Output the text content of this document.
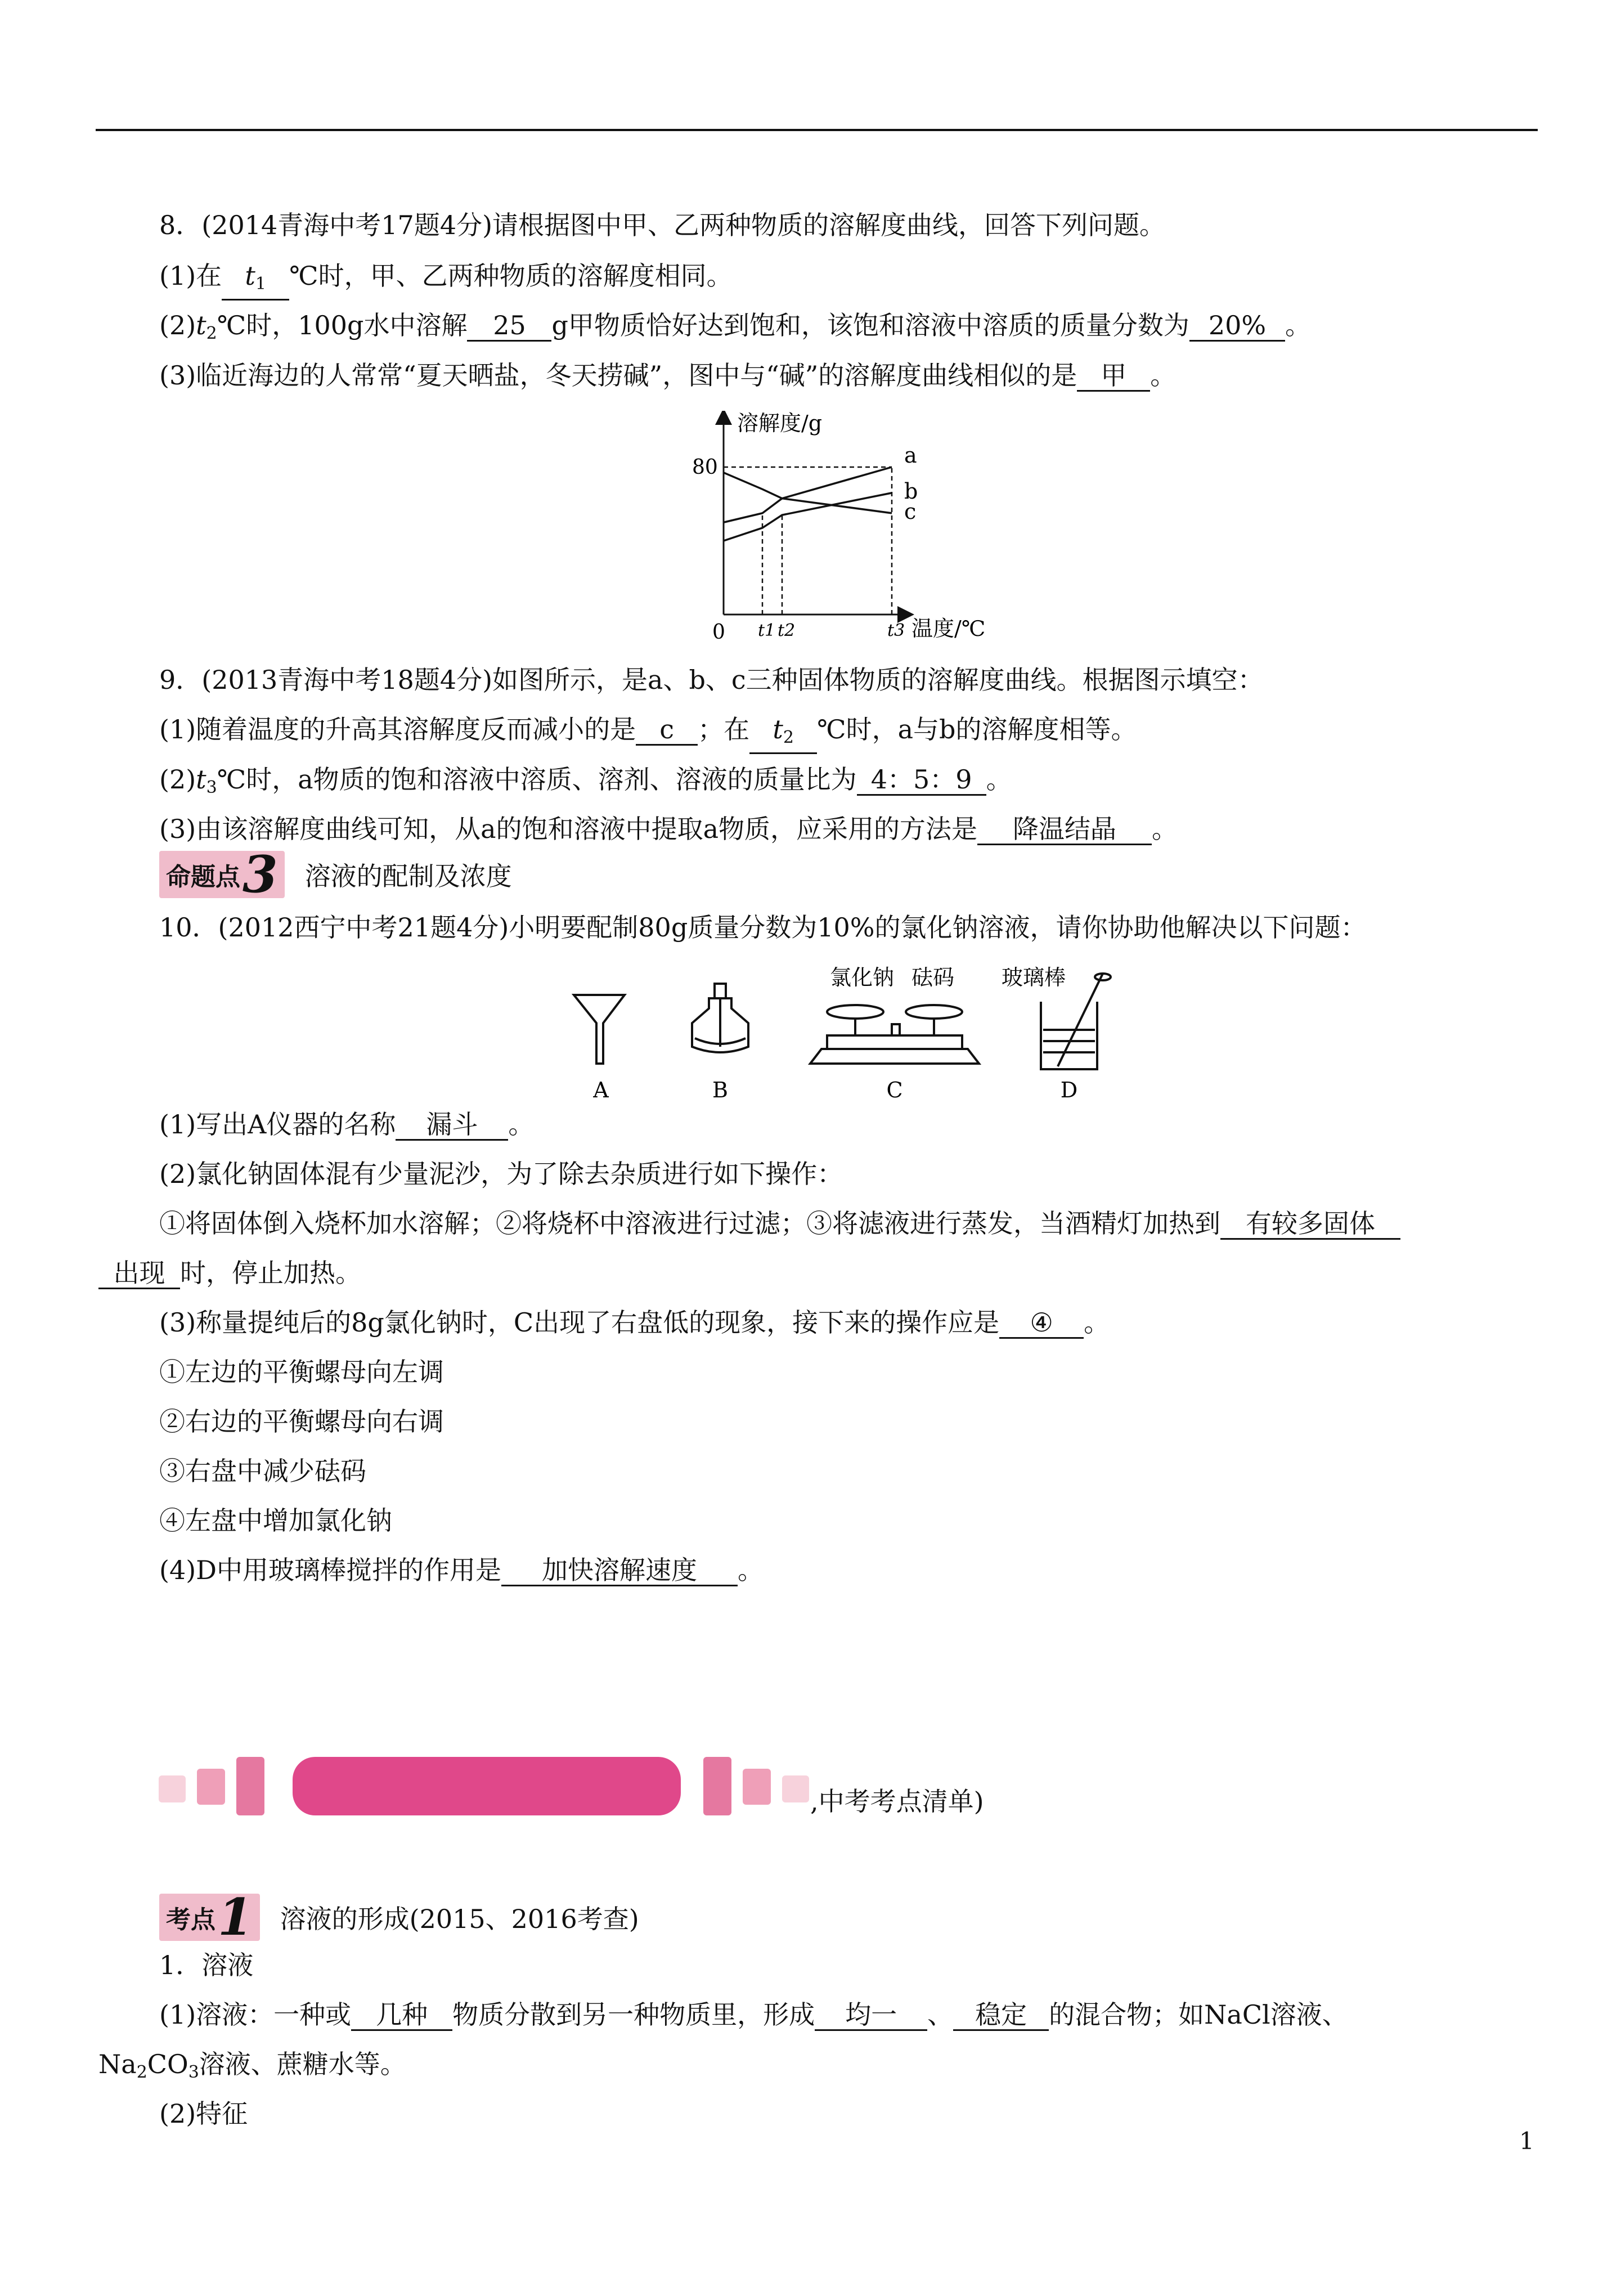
8．(2014青海中考17题4分)请根据图中甲、乙两种物质的溶解度曲线，回答下列问题。
(1)在 $t_1$ ℃时，甲、乙两种物质的溶解度相同。
$(2)t_2℃$时，100g水中溶解 25 g甲物质恰好达到饱和，该饱和溶液中溶质的质量分数为 20% 。
(3)临近海边的人常常“夏天晒盐，冬天捞碱”，图中与“碱”的溶解度曲线相似的是 甲 。
溶解度/g
温度/℃
0
80
t1 t2	t3
a
b
c
9．(2013青海中考18题4分)如图所示，是a、b、c三种固体物质的溶解度曲线。根据图示填空：
(1)随着温度的升高其溶解度反而减小的是 c ；在 $t_2$ ℃时，a与b的溶解度相等。
$(2)t_3℃$时，a物质的饱和溶液中溶质、溶剂、溶液的质量比为 4：5：9 。
(3)由该溶解度曲线可知，从a的饱和溶液中提取a物质，应采用的方法是 降温结晶 。
命题点 3 溶液的配制及浓度
10．(2012西宁中考21题4分)小明要配制80g质量分数为10%的氯化钠溶液，请你协助他解决以下问题：
A	B
氯化钠 砝码
C
玻璃棒
D
(1)写出A仪器的名称 漏斗 。
(2)氯化钠固体混有少量泥沙，为了除去杂质进行如下操作：
①将固体倒入烧杯加水溶解；②将烧杯中溶液进行过滤；③将滤液进行蒸发，当酒精灯加热到 有较多固体
出现 时，停止加热。
(3)称量提纯后的8g氯化钠时，C出现了右盘低的现象，接下来的操作应是 ④ 。
①左边的平衡螺母向左调
②右边的平衡螺母向右调
③右盘中减少砝码
④左盘中增加氯化钠
(4)D中用玻璃棒搅拌的作用是 加快溶解速度 。
,中考考点清单)
考点 1 溶液的形成(2015、2016考查)
1．溶液
(1)溶液：一种或 几种 物质分散到另一种物质里，形成 均一 、 稳定 的混合物；如NaCl溶液、
$Na_2CO_3$溶液、蔗糖水等。
(2)特征
1
